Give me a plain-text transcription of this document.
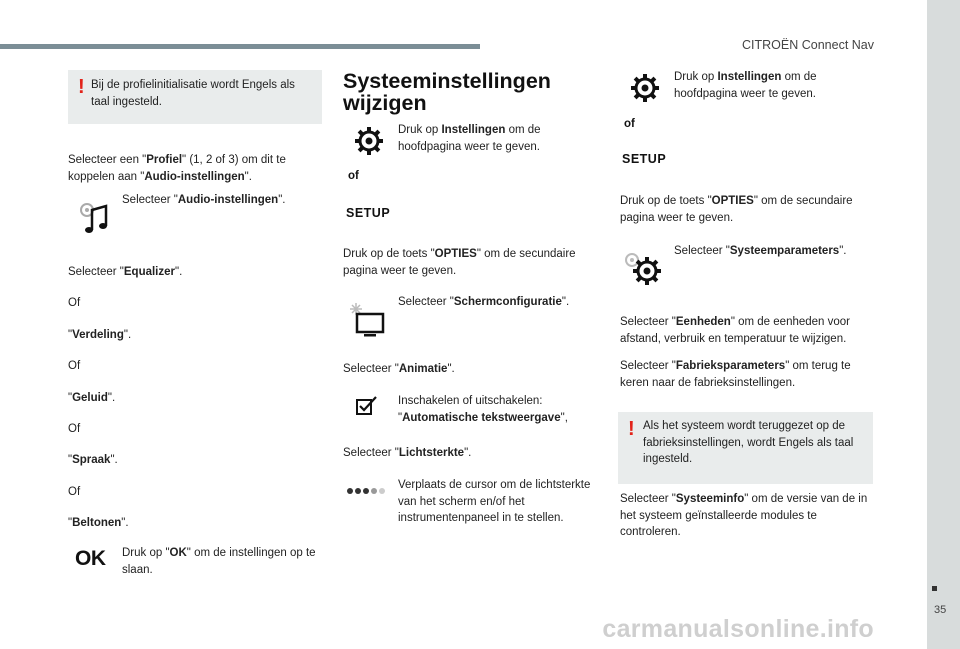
CITROËN Connect Nav
35
! Bij de profielinitialisatie wordt Engels als taal ingesteld.
Selecteer een "Profiel" (1, 2 of 3) om dit te koppelen aan "Audio-instellingen".
Selecteer "Audio-instellingen".
Selecteer "Equalizer".
Of
"Verdeling".
Of
"Geluid".
Of
"Spraak".
Of
"Beltonen".
OK Druk op "OK" om de instellingen op te slaan.
Systeeminstellingen
wijzigen
Druk op Instellingen om de hoofdpagina weer te geven.
of
SETUP
Druk op de toets "OPTIES" om de secundaire pagina weer te geven.
Selecteer "Schermconfiguratie".
Selecteer "Animatie".
Inschakelen of uitschakelen: "Automatische tekstweergave",
Selecteer "Lichtsterkte".
Verplaats de cursor om de lichtsterkte van het scherm en/of het instrumentenpaneel in te stellen.
Druk op Instellingen om de hoofdpagina weer te geven.
of
SETUP
Druk op de toets "OPTIES" om de secundaire pagina weer te geven.
Selecteer "Systeemparameters".
Selecteer "Eenheden" om de eenheden voor afstand, verbruik en temperatuur te wijzigen.
Selecteer "Fabrieksparameters" om terug te keren naar de fabrieksinstellingen.
! Als het systeem wordt teruggezet op de fabrieksinstellingen, wordt Engels als taal ingesteld.
Selecteer "Systeeminfo" om de versie van de in het systeem geïnstalleerde modules te controleren.
carmanualsonline.info
